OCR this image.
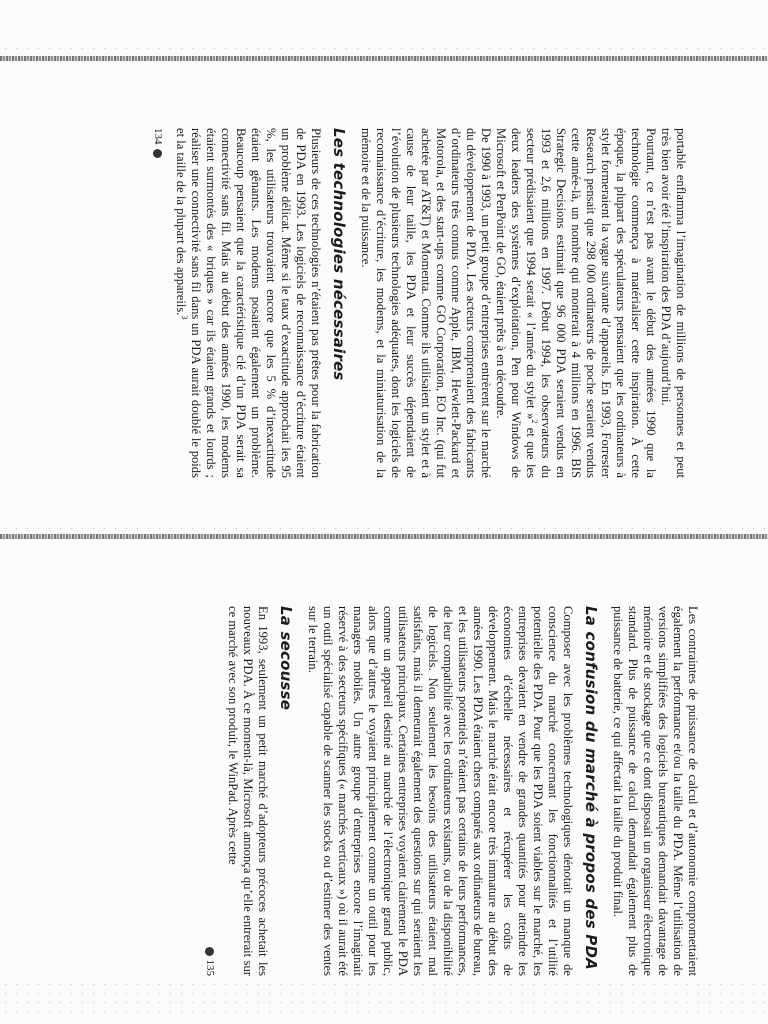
portable enflamma l’imagination de millions de personnes et peut très bien avoir été l’inspiration des PDA d’aujourd’hui.

Pourtant, ce n’est pas avant le début des années 1990 que la technologie commença à matérialiser cette inspiration. À cette époque, la plupart des spéculateurs pensaient que les ordinateurs à stylet formeraient la vague suivante d’appareils. En 1993, Forrester Research pensait que 298 000 ordinateurs de poche seraient vendus cette année-là, un nombre qui monterait à 4 millions en 1996. BIS Strategic Decisions estimait que 96 000 PDA seraient vendus en 1993 et 2,6 millions en 1997. Début 1994, les observateurs du secteur prédisaient que 1994 serait « l’année du stylet »$^2$ et que les deux leaders des systèmes d’exploitation, Pen pour Windows de Microsoft et PenPoint de GO, étaient prêts à en découdre.

De 1990 à 1993, un petit groupe d’entreprises entrèrent sur le marché du développement de PDA. Les acteurs comprenaient des fabricants d’ordinateurs très connus comme Apple, IBM, Hewlett-Packard et Motorola, et des start-ups comme GO Corporation, EO Inc. (qui fut achetée par AT&T) et Momenta. Comme ils utilisaient un stylet et à cause de leur taille, les PDA et leur succès dépendaient de l’évolution de plusieurs technologies adéquates, dont les logiciels de reconnaissance d’écriture, les modems, et la miniaturisation de la mémoire et de la puissance.

Les technologies nécessaires

Plusieurs de ces technologies n’étaient pas prêtes pour la fabrication de PDA en 1993. Les logiciels de reconnaissance d’écriture étaient un problème délicat. Même si le taux d’exactitude approchait les 95 %, les utilisateurs trouvaient encore que les 5 % d’inexactitude étaient gênants. Les modems posaient également un problème. Beaucoup pensaient que la caractéristique clé d’un PDA serait sa connectivité sans fil. Mais au début des années 1990, les modems étaient surmontés des « briques » car ils étaient grands et lourds ; réaliser une connectivité sans fil dans un PDA aurait doublé le poids et la taille de la plupart des appareils.$^3$

134

Les contraintes de puissance de calcul et d’autonomie compromettaient également la performance et/ou la taille du PDA. Même l’utilisation de versions simplifiées des logiciels bureautiques demandait davantage de mémoire et de stockage que ce dont disposait un organiseur électronique standard. Plus de puissance de calcul demandait également plus de puissance de batterie, ce qui affectait la taille du produit final.

La confusion du marché à propos des PDA

Composer avec les problèmes technologiques dénotait un manque de conscience du marché concernant les fonctionnalités et l’utilité potentielle des PDA. Pour que les PDA soient viables sur le marché, les entreprises devaient en vendre de grandes quantités pour atteindre les économies d’échelle nécessaires et récupérer les coûts de développement. Mais le marché était encore très immature au début des années 1990. Les PDA étaient chers comparés aux ordinateurs de bureau, et les utilisateurs potentiels n’étaient pas certains de leurs performances, de leur compatibilité avec les ordinateurs existants, ou de la disponibilité de logiciels. Non seulement les besoins des utilisateurs étaient mal satisfaits, mais il demeurait également des questions sur qui seraient les utilisateurs principaux. Certaines entreprises voyaient clairement le PDA comme un appareil destiné au marché de l’électronique grand public, alors que d’autres le voyaient principalement comme un outil pour les managers mobiles. Un autre groupe d’entreprises encore l’imaginait réservé à des secteurs spécifiques (« marchés verticaux ») où il aurait été un outil spécialisé capable de scanner les stocks ou d’estimer des ventes sur le terrain.

La secousse

En 1993, seulement un petit marché d’adopteurs précoces achetait les nouveaux PDA. À ce moment-là, Microsoft annonça qu’elle entrerait sur ce marché avec son produit, le WinPad. Après cette

135
